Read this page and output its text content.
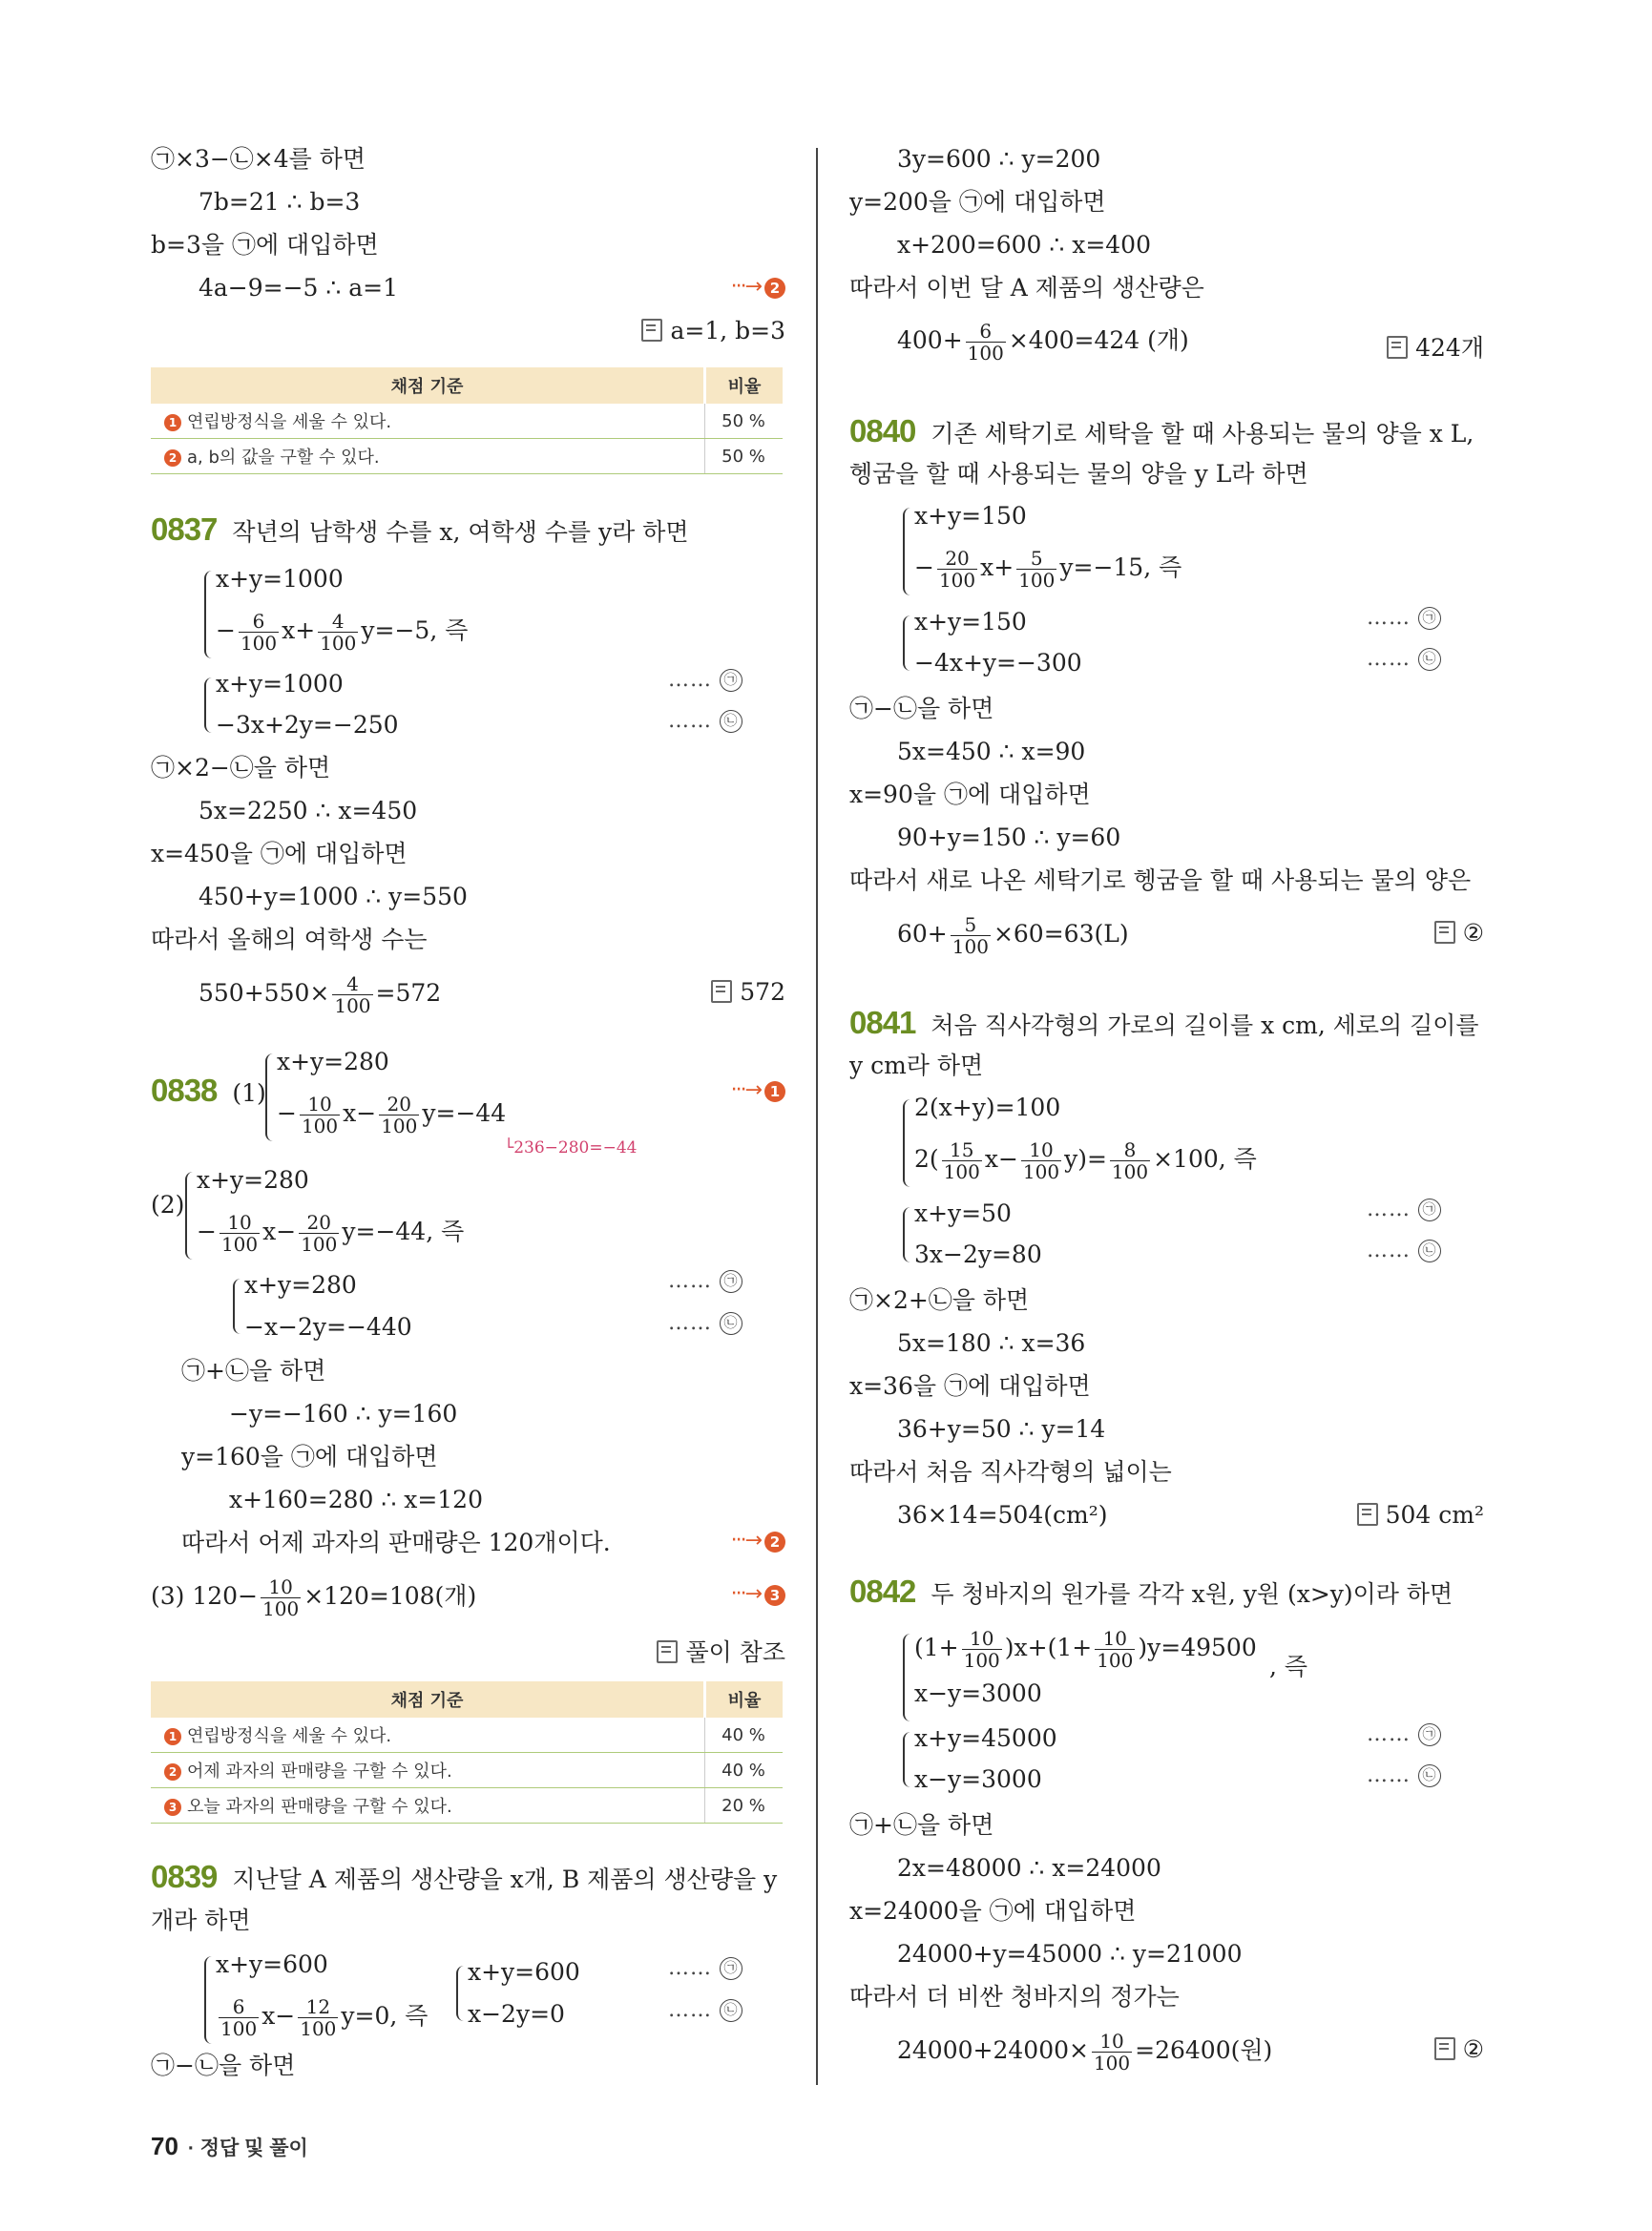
㉠×3−㉡×4를 하면
7b=21 ∴ b=3
b=3을 ㉠에 대입하면
4a−9=−5 ∴ a=1	···→ 2
a=1, b=3
채점 기준	비율
1 연립방정식을 세울 수 있다.	50 %
2 a, b의 값을 구할 수 있다.	50 %
0837 작년의 남학생 수를 x, 여학생 수를 y라 하면
x+y=1000
− $\frac{6}{100} x+ \frac{4}{100} y=-5$, 즉
x+y=1000	…… ㉠
−3x+2y=−250	…… ㉡
㉠×2−㉡을 하면
5x=2250 ∴ x=450
x=450을 ㉠에 대입하면
450+y=1000 ∴ y=550
따라서 올해의 여학생 수는
$550+550\times \frac{4}{100} =572$	572
0838 (1)
x+y=280
− $\frac{10}{100} x- \frac{20}{100} y=-44$
└236−280=−44
···→ 1
(2)
x+y=280
− $\frac{10}{100} x- \frac{20}{100} y=-44$, 즉
x+y=280	…… ㉠
−x−2y=−440	…… ㉡
㉠+㉡을 하면
−y=−160 ∴ y=160
y=160을 ㉠에 대입하면
x+160=280 ∴ x=120
따라서 어제 과자의 판매량은 120개이다.	···→ 2
(3) $120- \frac{10}{100} \times 120=108$(개)	···→ 3
풀이 참조
채점 기준	비율
1 연립방정식을 세울 수 있다.	40 %
2 어제 과자의 판매량을 구할 수 있다.	40 %
3 오늘 과자의 판매량을 구할 수 있다.	20 %
0839 지난달 A 제품의 생산량을 x개, B 제품의 생산량을 y
개라 하면
x+y=600
$\frac{6}{100} x- \frac{12}{100} y=0$, 즉
x+y=600	…… ㉠
x−2y=0	…… ㉡
㉠−㉡을 하면
3y=600 ∴ y=200
y=200을 ㉠에 대입하면
x+200=600 ∴ x=400
따라서 이번 달 A 제품의 생산량은
$400+ \frac{6}{100} \times 400=424$ (개)	424개
0840 기존 세탁기로 세탁을 할 때 사용되는 물의 양을 x L,
헹굼을 할 때 사용되는 물의 양을 y L라 하면
x+y=150
− $\frac{20}{100} x+ \frac{5}{100} y=-15$, 즉
x+y=150	…… ㉠
−4x+y=−300	…… ㉡
㉠−㉡을 하면
5x=450 ∴ x=90
x=90을 ㉠에 대입하면
90+y=150 ∴ y=60
따라서 새로 나온 세탁기로 헹굼을 할 때 사용되는 물의 양은
$60+ \frac{5}{100} \times 60=63(L)$	②
0841 처음 직사각형의 가로의 길이를 x cm, 세로의 길이를
y cm라 하면
2(x+y)=100
$2( \frac{15}{100} x- \frac{10}{100} y)= \frac{8}{100} \times 100$, 즉
x+y=50	…… ㉠
3x−2y=80	…… ㉡
㉠×2+㉡을 하면
5x=180 ∴ x=36
x=36을 ㉠에 대입하면
36+y=50 ∴ y=14
따라서 처음 직사각형의 넓이는
36×14=504(cm²)	504 cm²
0842 두 청바지의 원가를 각각 x원, y원 (x>y)이라 하면
$(1+ \frac{10}{100} )x+(1+ \frac{10}{100} )y=49500$
x−y=3000
, 즉
x+y=45000	…… ㉠
x−y=3000	…… ㉡
㉠+㉡을 하면
2x=48000 ∴ x=24000
x=24000을 ㉠에 대입하면
24000+y=45000 ∴ y=21000
따라서 더 비싼 청바지의 정가는
$24000+24000\times \frac{10}{100} =26400$(원)	②
70 · 정답 및 풀이
